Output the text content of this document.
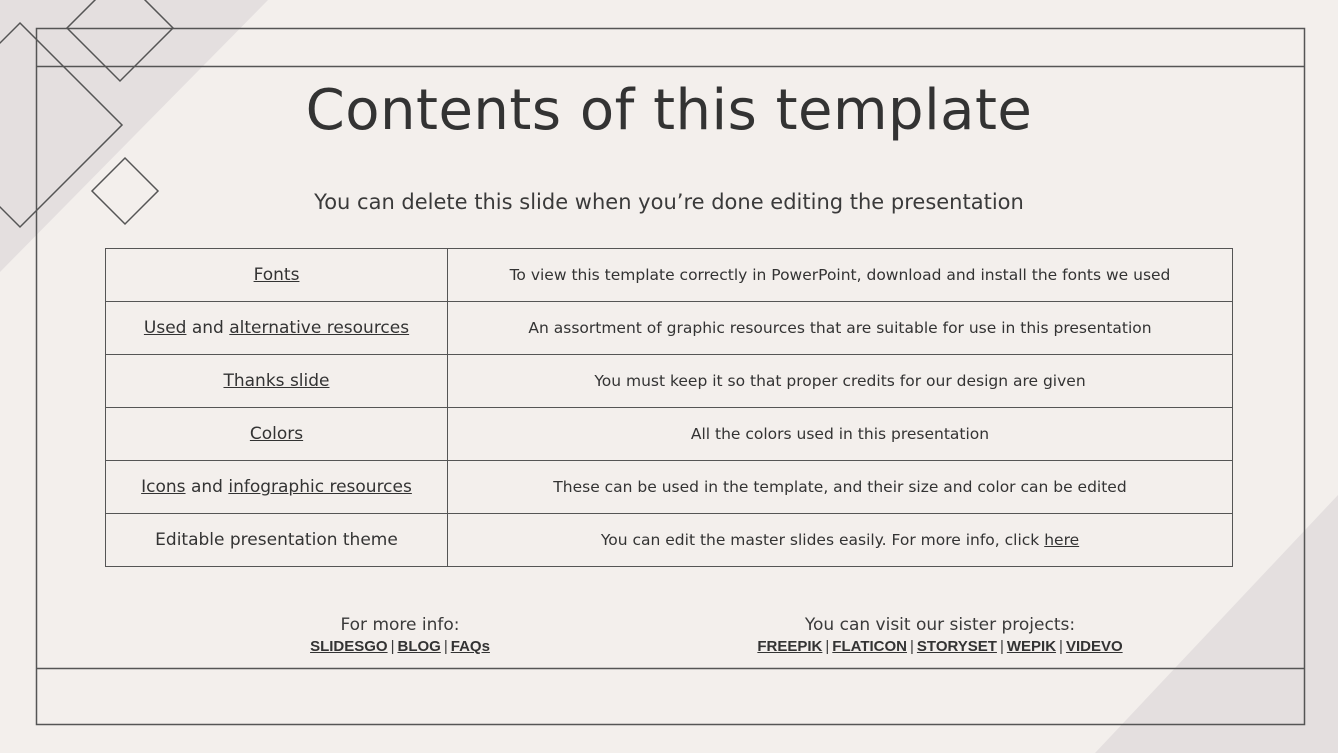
Contents of this template
You can delete this slide when you’re done editing the presentation
Fonts	To view this template correctly in PowerPoint, download and install the fonts we used
Used and alternative resources	An assortment of graphic resources that are suitable for use in this presentation
Thanks slide	You must keep it so that proper credits for our design are given
Colors	All the colors used in this presentation
Icons and infographic resources	These can be used in the template, and their size and color can be edited
Editable presentation theme	You can edit the master slides easily. For more info, click here
For more info:
SLIDESGO | BLOG | FAQs
You can visit our sister projects:
FREEPIK | FLATICON | STORYSET | WEPIK | VIDEVO
